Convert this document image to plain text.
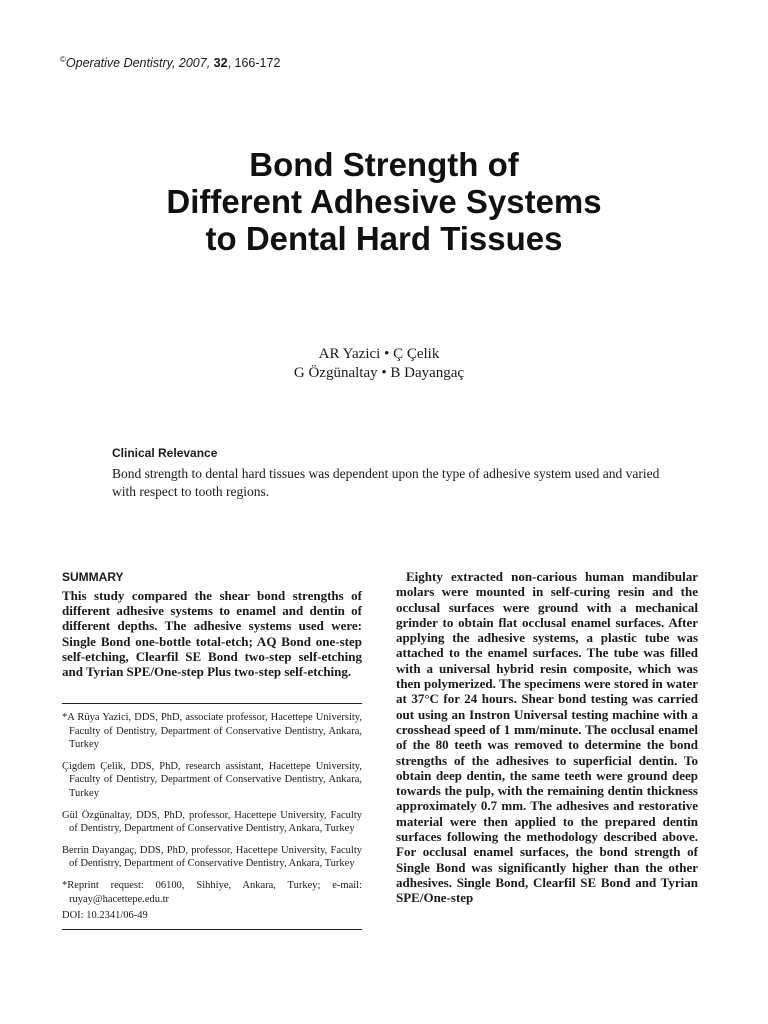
©Operative Dentistry, 2007, 32, 166-172
Bond Strength of
Different Adhesive Systems
to Dental Hard Tissues
AR Yazici • Ç Çelik
G Özgünaltay • B Dayangaç
Clinical Relevance
Bond strength to dental hard tissues was dependent upon the type of adhesive system used and varied with respect to tooth regions.
SUMMARY
This study compared the shear bond strengths of different adhesive systems to enamel and dentin of different depths. The adhesive systems used were: Single Bond one-bottle total-etch; AQ Bond one-step self-etching, Clearfil SE Bond two-step self-etching and Tyrian SPE/One-step Plus two-step self-etching.

*A Rüya Yazici, DDS, PhD, associate professor, Hacettepe University, Faculty of Dentistry, Department of Conservative Dentistry, Ankara, Turkey

Çigdem Çelik, DDS, PhD, research assistant, Hacettepe University, Faculty of Dentistry, Department of Conservative Dentistry, Ankara, Turkey

Gül Özgünaltay, DDS, PhD, professor, Hacettepe University, Faculty of Dentistry, Department of Conservative Dentistry, Ankara, Turkey

Berrin Dayangaç, DDS, PhD, professor, Hacettepe University, Faculty of Dentistry, Department of Conservative Dentistry, Ankara, Turkey

*Reprint request: 06100, Sihhiye, Ankara, Turkey; e-mail: ruyay@hacettepe.edu.tr

DOI: 10.2341/06-49
Eighty extracted non-carious human mandibular molars were mounted in self-curing resin and the occlusal surfaces were ground with a mechanical grinder to obtain flat occlusal enamel surfaces. After applying the adhesive systems, a plastic tube was attached to the enamel surfaces. The tube was filled with a universal hybrid resin composite, which was then polymerized. The specimens were stored in water at 37°C for 24 hours. Shear bond testing was carried out using an Instron Universal testing machine with a crosshead speed of 1 mm/minute. The occlusal enamel of the 80 teeth was removed to determine the bond strengths of the adhesives to superficial dentin. To obtain deep dentin, the same teeth were ground deep towards the pulp, with the remaining dentin thickness approximately 0.7 mm. The adhesives and restorative material were then applied to the prepared dentin surfaces following the methodology described above. For occlusal enamel surfaces, the bond strength of Single Bond was significantly higher than the other adhesives. Single Bond, Clearfil SE Bond and Tyrian SPE/One-step
